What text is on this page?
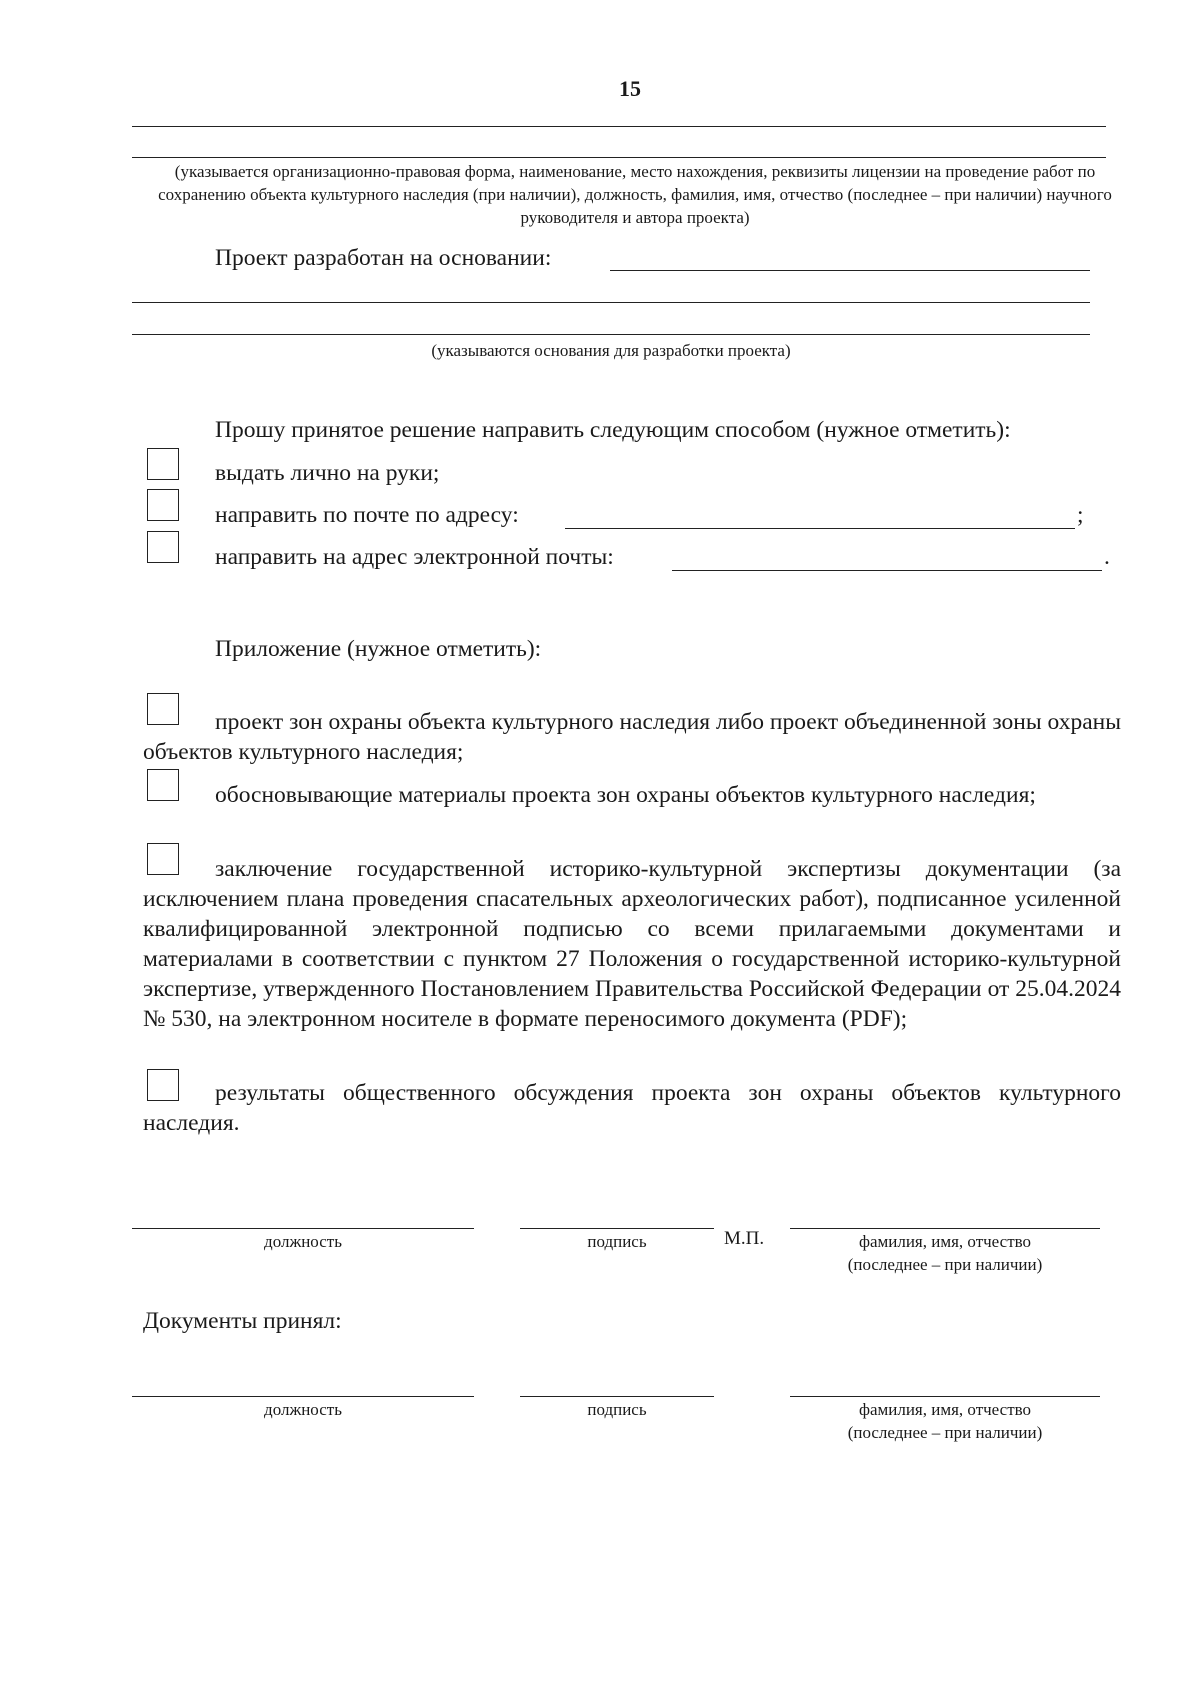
15
(указывается организационно-правовая форма, наименование, место нахождения, реквизиты лицензии на проведение работ по сохранению объекта культурного наследия (при наличии), должность, фамилия, имя, отчество (последнее – при наличии) научного руководителя и автора проекта)
Проект разработан на основании:
(указываются основания для разработки проекта)
Прошу принятое решение направить следующим способом (нужное отметить):
выдать лично на руки;
направить по почте по адресу:	;
направить на адрес электронной почты:	.
Приложение (нужное отметить):
проект зон охраны объекта культурного наследия либо проект объединенной зоны охраны объектов культурного наследия;
обосновывающие материалы проекта зон охраны объектов культурного наследия;
заключение государственной историко-культурной экспертизы документации (за исключением плана проведения спасательных археологических работ), подписанное усиленной квалифицированной электронной подписью со всеми прилагаемыми документами и материалами в соответствии с пунктом 27 Положения о государственной историко-культурной экспертизе, утвержденного Постановлением Правительства Российской Федерации от 25.04.2024 № 530, на электронном носителе в формате переносимого документа (PDF);
результаты общественного обсуждения проекта зон охраны объектов культурного наследия.
должность	подпись	М.П.	фамилия, имя, отчество
(последнее – при наличии)
Документы принял:
должность	подпись	фамилия, имя, отчество
(последнее – при наличии)
